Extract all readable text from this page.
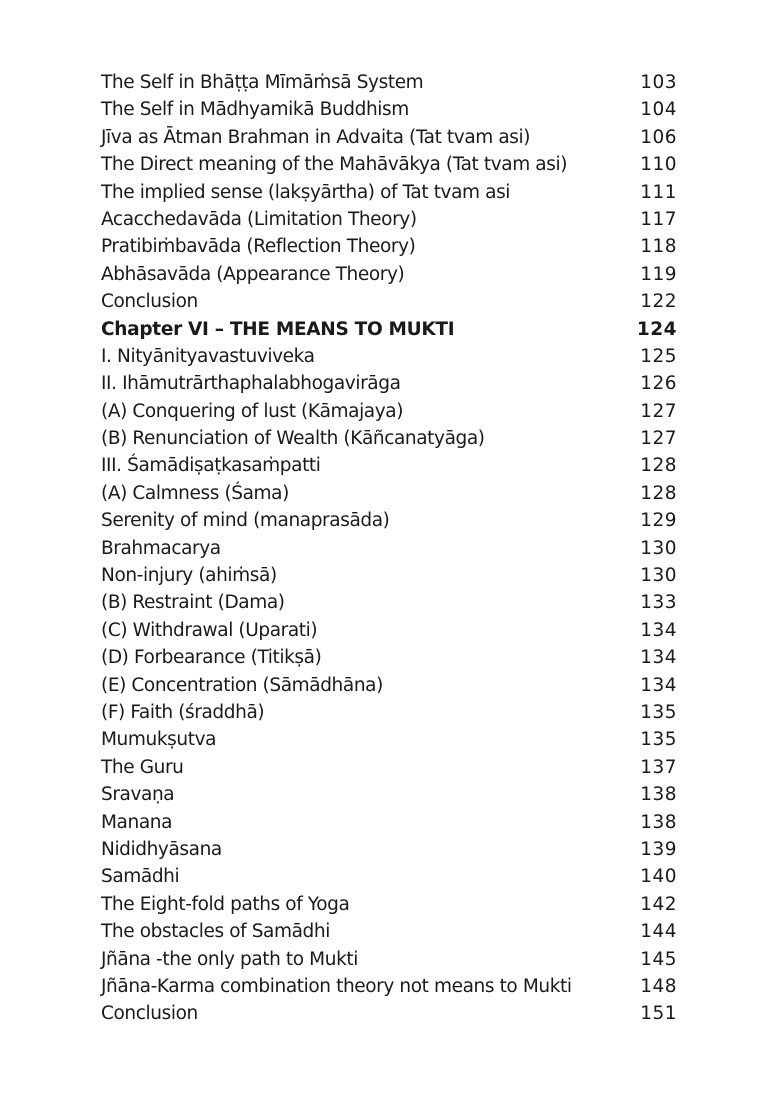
The Self in Bhāṭṭa Mīmāṁsā System	103
The Self in Mādhyamikā Buddhism	104
Jīva as Ātman Brahman in Advaita (Tat tvam asi)	106
The Direct meaning of the Mahāvākya (Tat tvam asi)	110
The implied sense (lakṣyārtha) of Tat tvam asi	111
Acacchedavāda (Limitation Theory)	117
Pratibiṁbavāda (Reflection Theory)	118
Abhāsavāda (Appearance Theory)	119
Conclusion	122
Chapter VI – THE MEANS TO MUKTI	124
I. Nityānityavastuviveka	125
II. Ihāmutrārthaphalabhogavirāga	126
(A) Conquering of lust (Kāmajaya)	127
(B) Renunciation of Wealth (Kāñcanatyāga)	127
III. Śamādiṣaṭkasaṁpatti	128
(A) Calmness (Śama)	128
Serenity of mind (manaprasāda)	129
Brahmacarya	130
Non-injury (ahiṁsā)	130
(B) Restraint (Dama)	133
(C) Withdrawal (Uparati)	134
(D) Forbearance (Titikṣā)	134
(E) Concentration (Sāmādhāna)	134
(F) Faith (śraddhā)	135
Mumukṣutva	135
The Guru	137
Sravaṇa	138
Manana	138
Nididhyāsana	139
Samādhi	140
The Eight-fold paths of Yoga	142
The obstacles of Samādhi	144
Jñāna -the only path to Mukti	145
Jñāna-Karma combination theory not means to Mukti	148
Conclusion	151
